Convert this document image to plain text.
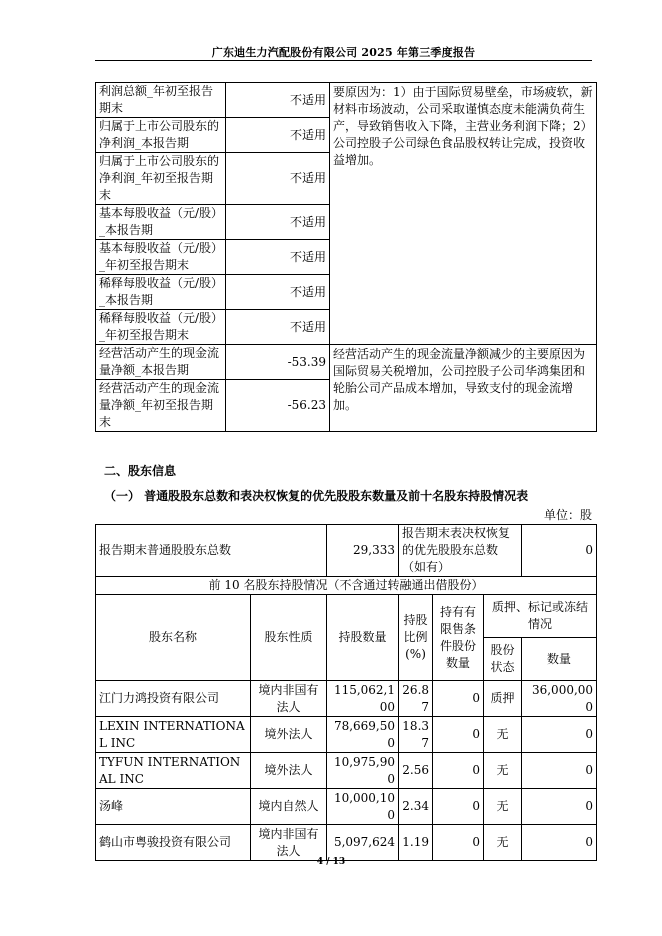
广东迪生力汽配股份有限公司 2025 年第三季度报告
利润总额_年初至报告期末	不适用	要原因为：1）由于国际贸易壁垒，市场疲软，新材料市场波动，公司采取谨慎态度未能满负荷生产，导致销售收入下降，主营业务利润下降；2）公司控股子公司绿色食品股权转让完成，投资收益增加。
归属于上市公司股东的净利润_本报告期	不适用	
归属于上市公司股东的净利润_年初至报告期末	不适用	
基本每股收益（元/股）_本报告期	不适用	
基本每股收益（元/股）_年初至报告期末	不适用	
稀释每股收益（元/股）_本报告期	不适用	
稀释每股收益（元/股）_年初至报告期末	不适用	
经营活动产生的现金流量净额_本报告期	-53.39	经营活动产生的现金流量净额减少的主要原因为国际贸易关税增加，公司控股子公司华鸿集团和轮胎公司产品成本增加，导致支付的现金流增加。
经营活动产生的现金流量净额_年初至报告期末	-56.23	
二、股东信息
（一） 普通股股东总数和表决权恢复的优先股股东数量及前十名股东持股情况表
单位：股
报告期末普通股股东总数		29,333	报告期末表决权恢复的优先股股东总数（如有）			0
前 10 名股东持股情况（不含通过转融通出借股份）						
股东名称	股东性质	持股数量	持股比例(%)	持有有限售条件股份数量	质押、标记或冻结情况	
					股份状态	数量
江门力鸿投资有限公司	境内非国有法人	115,062,100	26.87	0	质押	36,000,000
LEXIN INTERNATIONAL INC	境外法人	78,669,500	18.37	0	无	0
TYFUN INTERNATIONAL INC	境外法人	10,975,900	2.56	0	无	0
汤峰	境内自然人	10,000,100	2.34	0	无	0
鹤山市粤骏投资有限公司	境内非国有法人	5,097,624	1.19	0	无	0
4 / 13
